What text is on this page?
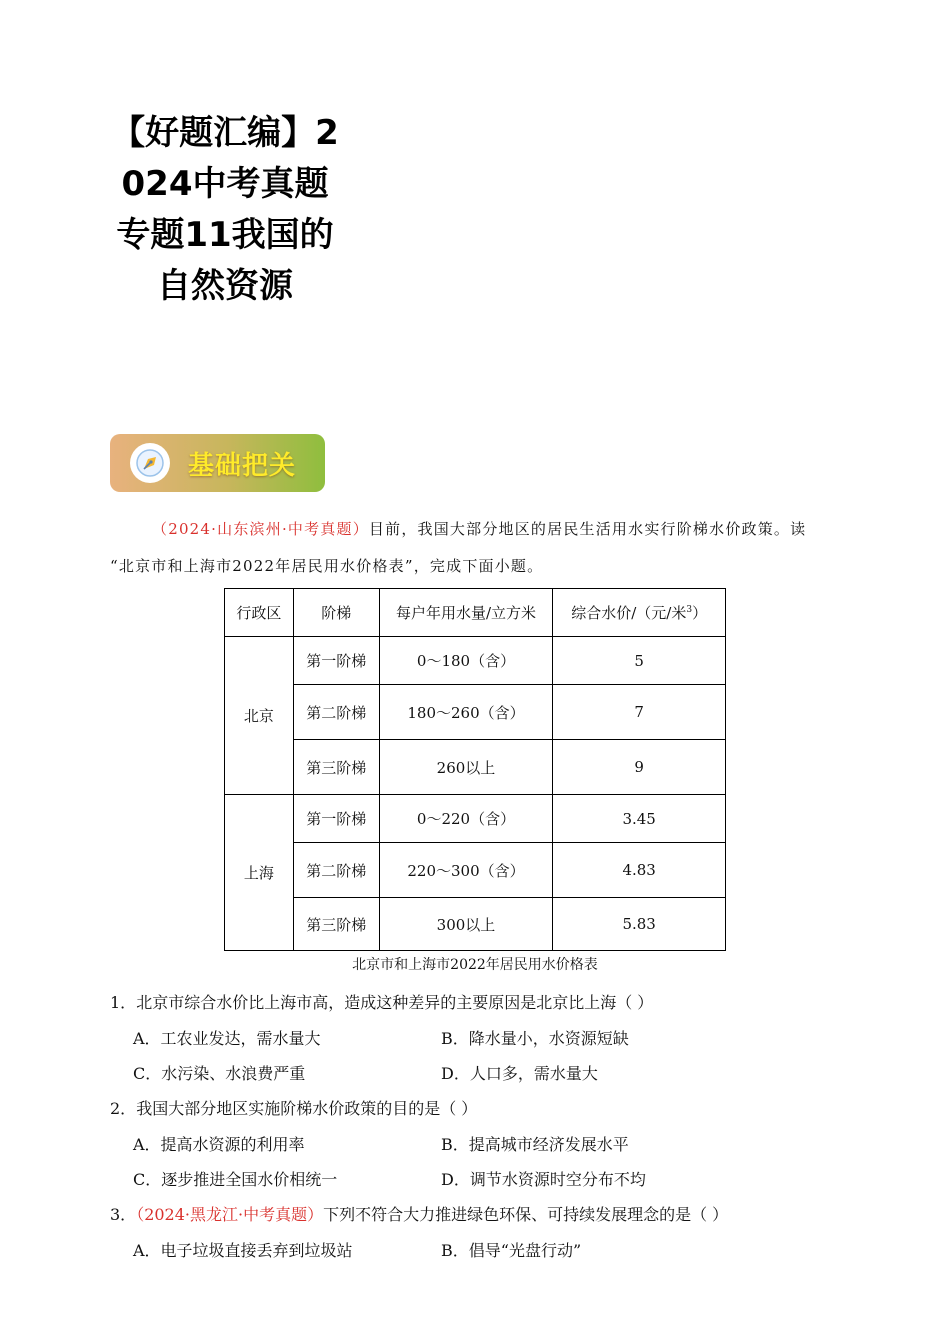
【好题汇编】2024中考真题专题11我国的自然资源
基础把关
（2024·山东滨州·中考真题）目前，我国大部分地区的居民生活用水实行阶梯水价政策。读
“北京市和上海市2022年居民用水价格表”，完成下面小题。
行政区	阶梯	每户年用水量/立方米	综合水价/（元/米$^3$）
北京	第一阶梯	0～180（含）	5
	第二阶梯	180～260（含）	7
	第三阶梯	260以上	9
上海	第一阶梯	0～220（含）	3.45
	第二阶梯	220～300（含）	4.83
	第三阶梯	300以上	5.83
北京市和上海市2022年居民用水价格表
1．北京市综合水价比上海市高，造成这种差异的主要原因是北京比上海（ ）
A．工农业发达，需水量大	B．降水量小，水资源短缺
C．水污染、水浪费严重	D．人口多，需水量大
2．我国大部分地区实施阶梯水价政策的目的是（ ）
A．提高水资源的利用率	B．提高城市经济发展水平
C．逐步推进全国水价相统一	D．调节水资源时空分布不均
3．（2024·黑龙江·中考真题）下列不符合大力推进绿色环保、可持续发展理念的是（ ）
A．电子垃圾直接丢弃到垃圾站	B．倡导“光盘行动”
